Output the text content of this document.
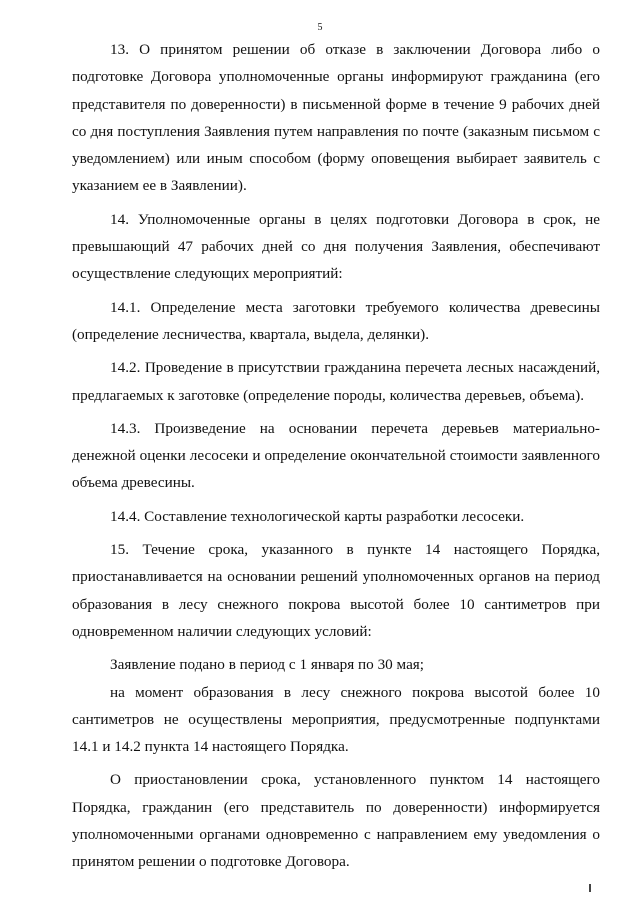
5

13. О принятом решении об отказе в заключении Договора либо о подготовке Договора уполномоченные органы информируют гражданина (его представителя по доверенности) в письменной форме в течение 9 рабочих дней со дня поступления Заявления путем направления по почте (заказным письмом с уведомлением) или иным способом (форму оповещения выбирает заявитель с указанием ее в Заявлении).

14. Уполномоченные органы в целях подготовки Договора в срок, не превышающий 47 рабочих дней со дня получения Заявления, обеспечивают осуществление следующих мероприятий:

14.1. Определение места заготовки требуемого количества древесины (определение лесничества, квартала, выдела, делянки).

14.2. Проведение в присутствии гражданина перечета лесных насаждений, предлагаемых к заготовке (определение породы, количества деревьев, объема).

14.3. Произведение на основании перечета деревьев материально-денежной оценки лесосеки и определение окончательной стоимости заявленного объема древесины.

14.4. Составление технологической карты разработки лесосеки.

15. Течение срока, указанного в пункте 14 настоящего Порядка, приостанавливается на основании решений уполномоченных органов на период образования в лесу снежного покрова высотой более 10 сантиметров при одновременном наличии следующих условий:

Заявление подано в период с 1 января по 30 мая;

на момент образования в лесу снежного покрова высотой более 10 сантиметров не осуществлены мероприятия, предусмотренные подпунктами 14.1 и 14.2 пункта 14 настоящего Порядка.

О приостановлении срока, установленного пунктом 14 настоящего Порядка, гражданин (его представитель по доверенности) информируется уполномоченными органами одновременно с направлением ему уведомления о принятом решении о подготовке Договора.
